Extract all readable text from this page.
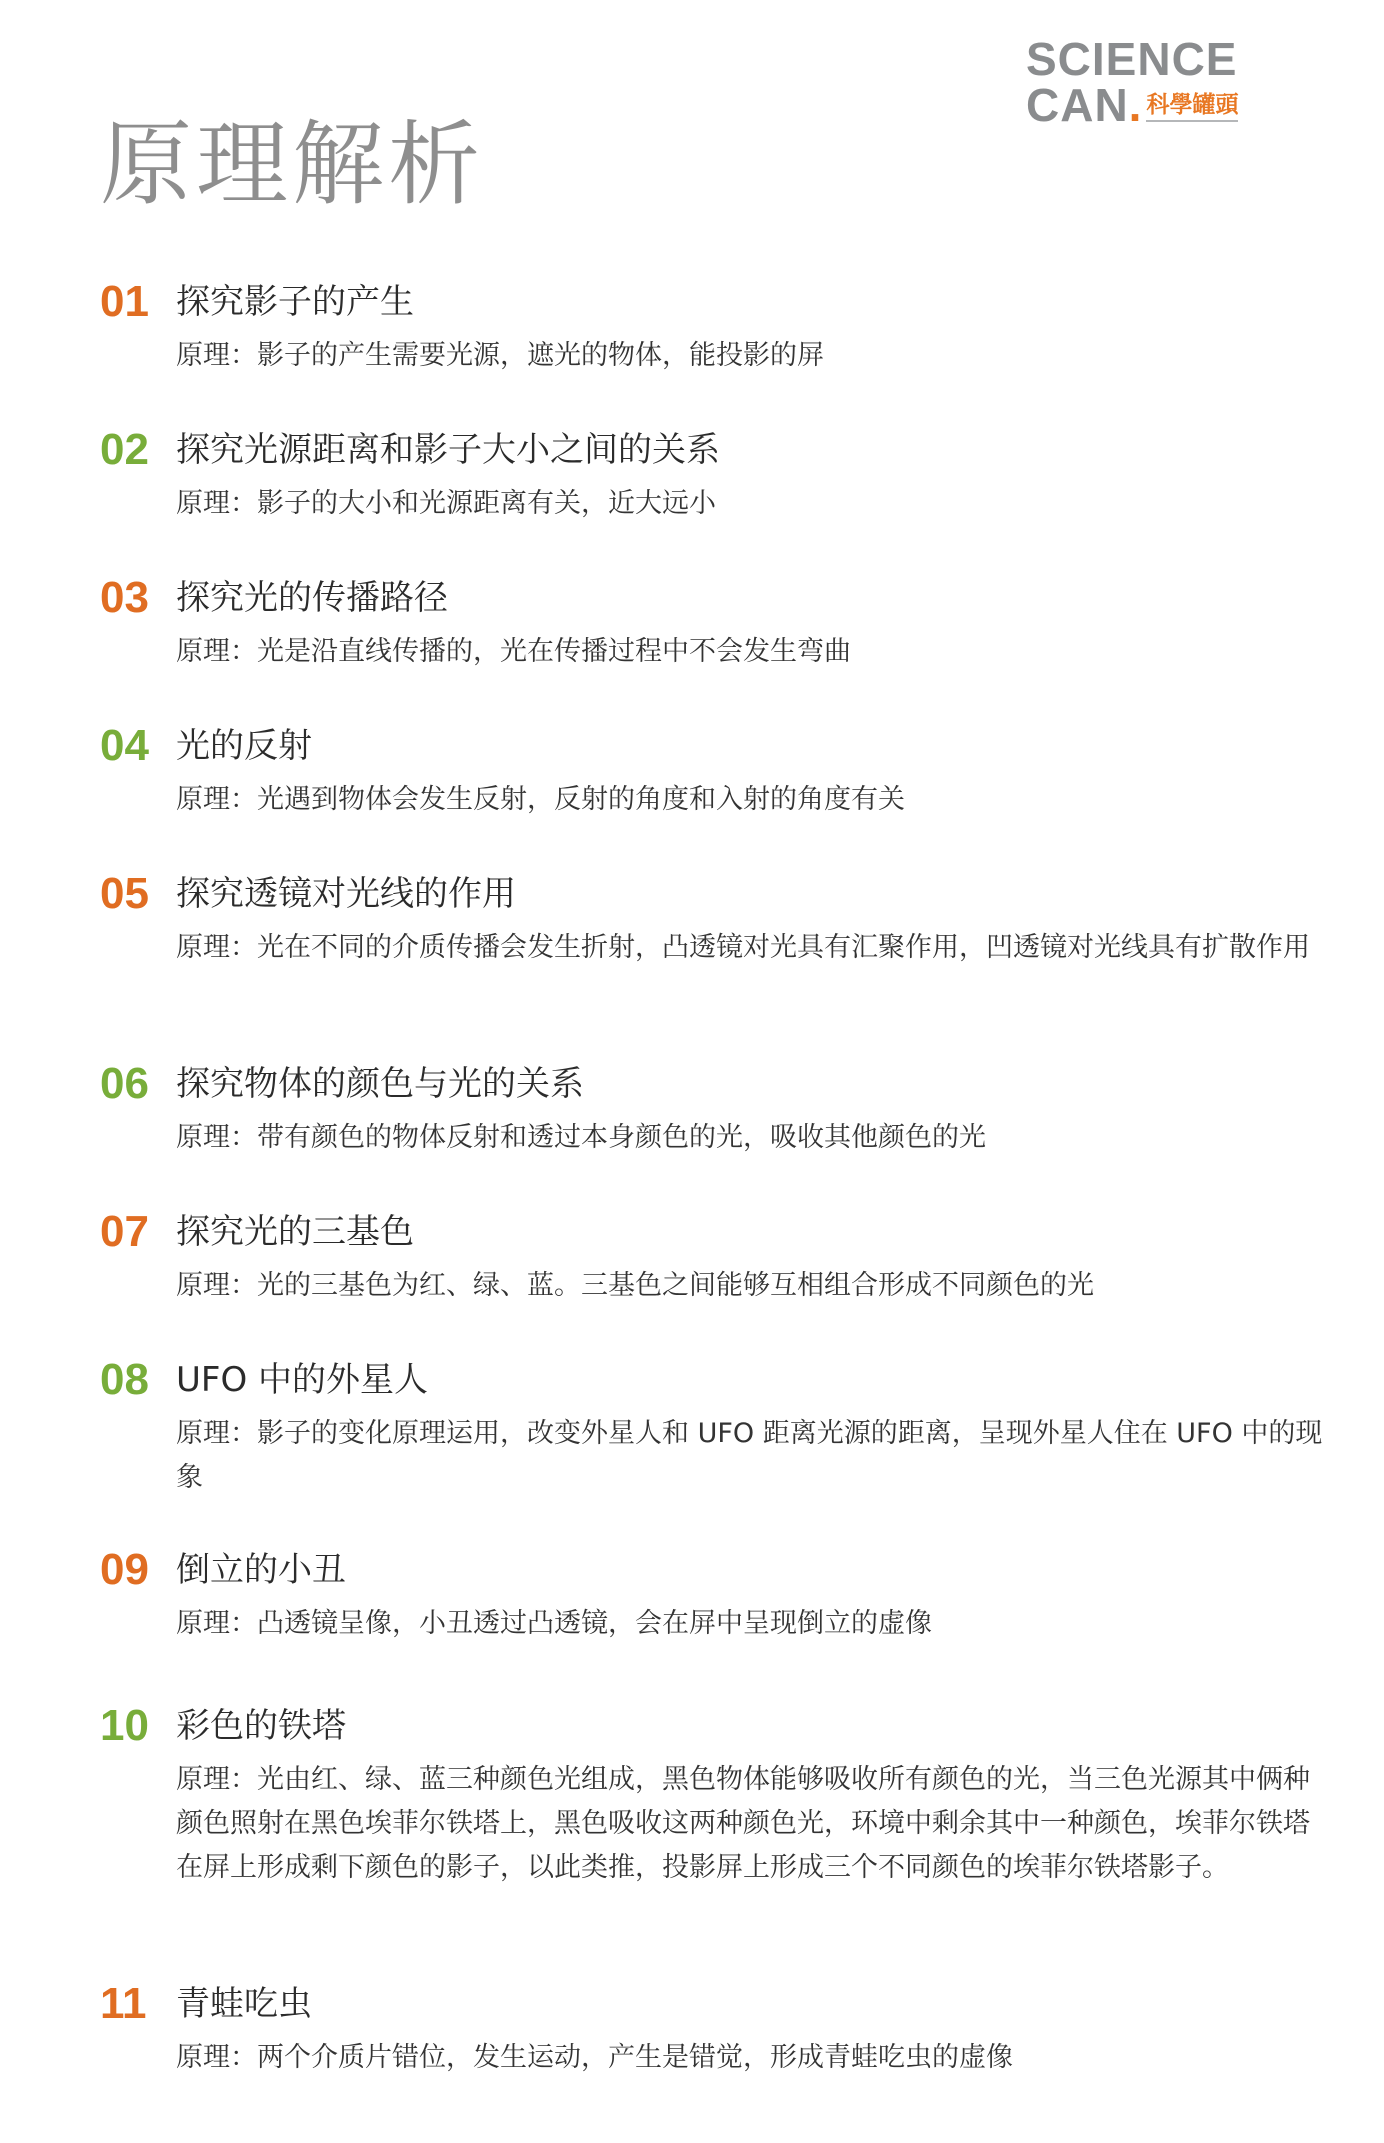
SCIENCE
CAN . 科學罐頭
原理解析
01 探究影子的产生
原理：影子的产生需要光源，遮光的物体，能投影的屏
02 探究光源距离和影子大小之间的关系
原理：影子的大小和光源距离有关，近大远小
03 探究光的传播路径
原理：光是沿直线传播的，光在传播过程中不会发生弯曲
04 光的反射
原理：光遇到物体会发生反射，反射的角度和入射的角度有关
05 探究透镜对光线的作用
原理：光在不同的介质传播会发生折射，凸透镜对光具有汇聚作用，凹透镜对光线具有扩散作用
06 探究物体的颜色与光的关系
原理：带有颜色的物体反射和透过本身颜色的光，吸收其他颜色的光
07 探究光的三基色
原理：光的三基色为红、绿、蓝。三基色之间能够互相组合形成不同颜色的光
08 UFO 中的外星人
原理：影子的变化原理运用，改变外星人和 UFO 距离光源的距离，呈现外星人住在 UFO 中的现象
09 倒立的小丑
原理：凸透镜呈像，小丑透过凸透镜，会在屏中呈现倒立的虚像
10 彩色的铁塔
原理：光由红、绿、蓝三种颜色光组成，黑色物体能够吸收所有颜色的光，当三色光源其中俩种颜色照射在黑色埃菲尔铁塔上，黑色吸收这两种颜色光，环境中剩余其中一种颜色，埃菲尔铁塔在屏上形成剩下颜色的影子，以此类推，投影屏上形成三个不同颜色的埃菲尔铁塔影子。
11 青蛙吃虫
原理：两个介质片错位，发生运动，产生是错觉，形成青蛙吃虫的虚像
